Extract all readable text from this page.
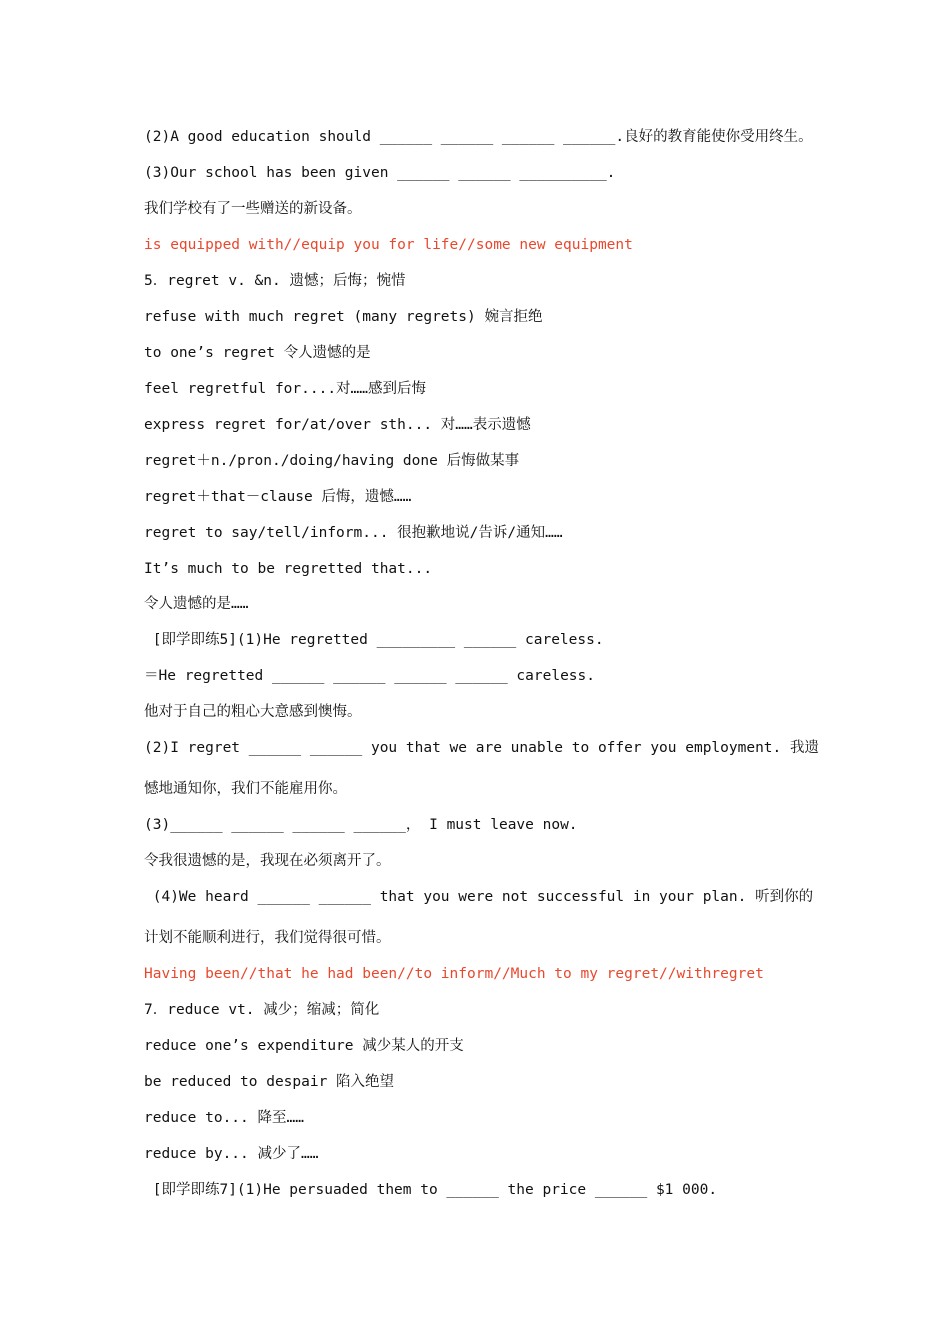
(2)A good education should ______ ______ ______ ______.良好的教育能使你受用终生。
(3)Our school has been given ______ ______ __________.
我们学校有了一些赠送的新设备。
is equipped with//equip you for life//some new equipment
5．regret v. &n. 遗憾；后悔；惋惜
refuse with much regret (many regrets) 婉言拒绝
to one’s regret 令人遗憾的是
feel regretful for....对……感到后悔
express regret for/at/over sth... 对……表示遗憾
regret＋n./pron./doing/having done 后悔做某事
regret＋that－clause 后悔，遗憾……
regret to say/tell/inform... 很抱歉地说/告诉/通知……
It’s much to be regretted that...
令人遗憾的是……
[即学即练5](1)He regretted _________ ______ careless.
＝He regretted ______ ______ ______ ______ careless.
他对于自己的粗心大意感到懊悔。
(2)I regret ______ ______ you that we are unable to offer you employment. 我遗
憾地通知你，我们不能雇用你。
(3)______ ______ ______ ______， I must leave now.
令我很遗憾的是，我现在必须离开了。
(4)We heard ______ ______ that you were not successful in your plan. 听到你的
计划不能顺利进行，我们觉得很可惜。
Having been//that he had been//to inform//Much to my regret//withregret
7．reduce vt. 减少；缩减；简化
reduce one’s expenditure 减少某人的开支
be reduced to despair 陷入绝望
reduce to... 降至……
reduce by... 减少了……
[即学即练7](1)He persuaded them to ______ the price ______ $1 000.
